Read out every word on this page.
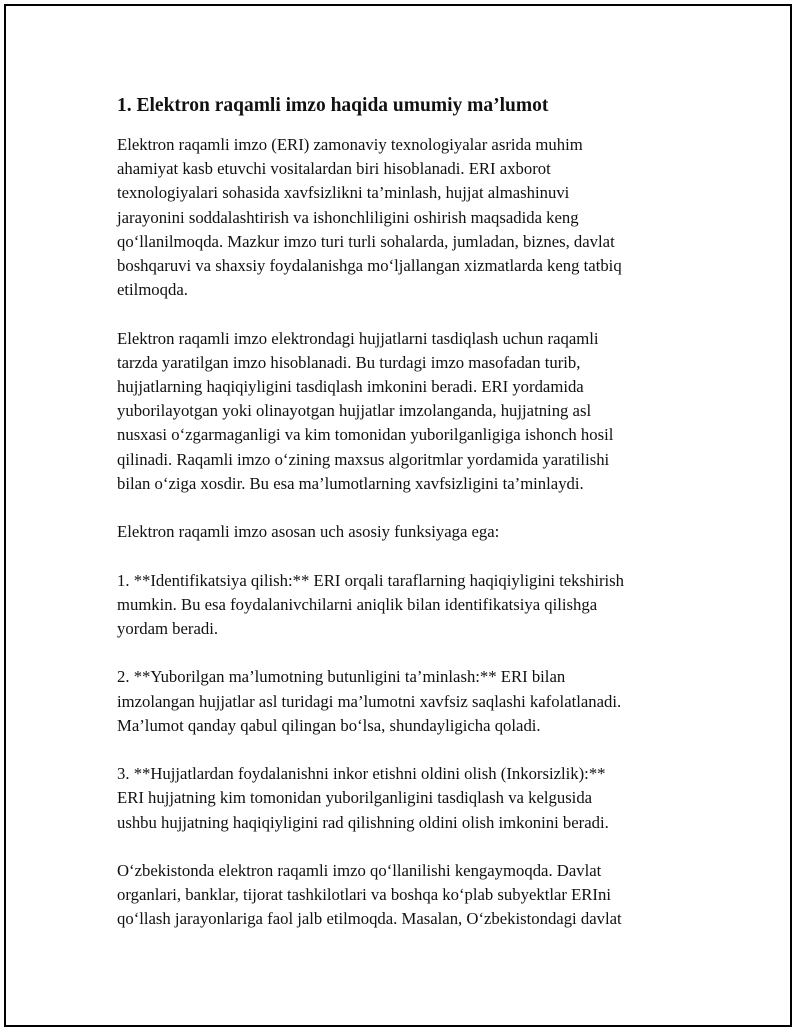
1. Elektron raqamli imzo haqida umumiy ma’lumot

Elektron raqamli imzo (ERI) zamonaviy texnologiyalar asrida muhim
ahamiyat kasb etuvchi vositalardan biri hisoblanadi. ERI axborot
texnologiyalari sohasida xavfsizlikni ta’minlash, hujjat almashinuvi
jarayonini soddalashtirish va ishonchliligini oshirish maqsadida keng
qo‘llanilmoqda. Mazkur imzo turi turli sohalarda, jumladan, biznes, davlat
boshqaruvi va shaxsiy foydalanishga mo‘ljallangan xizmatlarda keng tatbiq
etilmoqda.

Elektron raqamli imzo elektrondagi hujjatlarni tasdiqlash uchun raqamli
tarzda yaratilgan imzo hisoblanadi. Bu turdagi imzo masofadan turib,
hujjatlarning haqiqiyligini tasdiqlash imkonini beradi. ERI yordamida
yuborilayotgan yoki olinayotgan hujjatlar imzolanganda, hujjatning asl
nusxasi o‘zgarmaganligi va kim tomonidan yuborilganligiga ishonch hosil
qilinadi. Raqamli imzo o‘zining maxsus algoritmlar yordamida yaratilishi
bilan o‘ziga xosdir. Bu esa ma’lumotlarning xavfsizligini ta’minlaydi.

Elektron raqamli imzo asosan uch asosiy funksiyaga ega:

1. **Identifikatsiya qilish:** ERI orqali taraflarning haqiqiyligini tekshirish
mumkin. Bu esa foydalanivchilarni aniqlik bilan identifikatsiya qilishga
yordam beradi.

2. **Yuborilgan ma’lumotning butunligini ta’minlash:** ERI bilan
imzolangan hujjatlar asl turidagi ma’lumotni xavfsiz saqlashi kafolatlanadi.
Ma’lumot qanday qabul qilingan bo‘lsa, shundayligicha qoladi.

3. **Hujjatlardan foydalanishni inkor etishni oldini olish (Inkorsizlik):**
ERI hujjatning kim tomonidan yuborilganligini tasdiqlash va kelgusida
ushbu hujjatning haqiqiyligini rad qilishning oldini olish imkonini beradi.

O‘zbekistonda elektron raqamli imzo qo‘llanilishi kengaymoqda. Davlat
organlari, banklar, tijorat tashkilotlari va boshqa ko‘plab subyektlar ERIni
qo‘llash jarayonlariga faol jalb etilmoqda. Masalan, O‘zbekistondagi davlat
